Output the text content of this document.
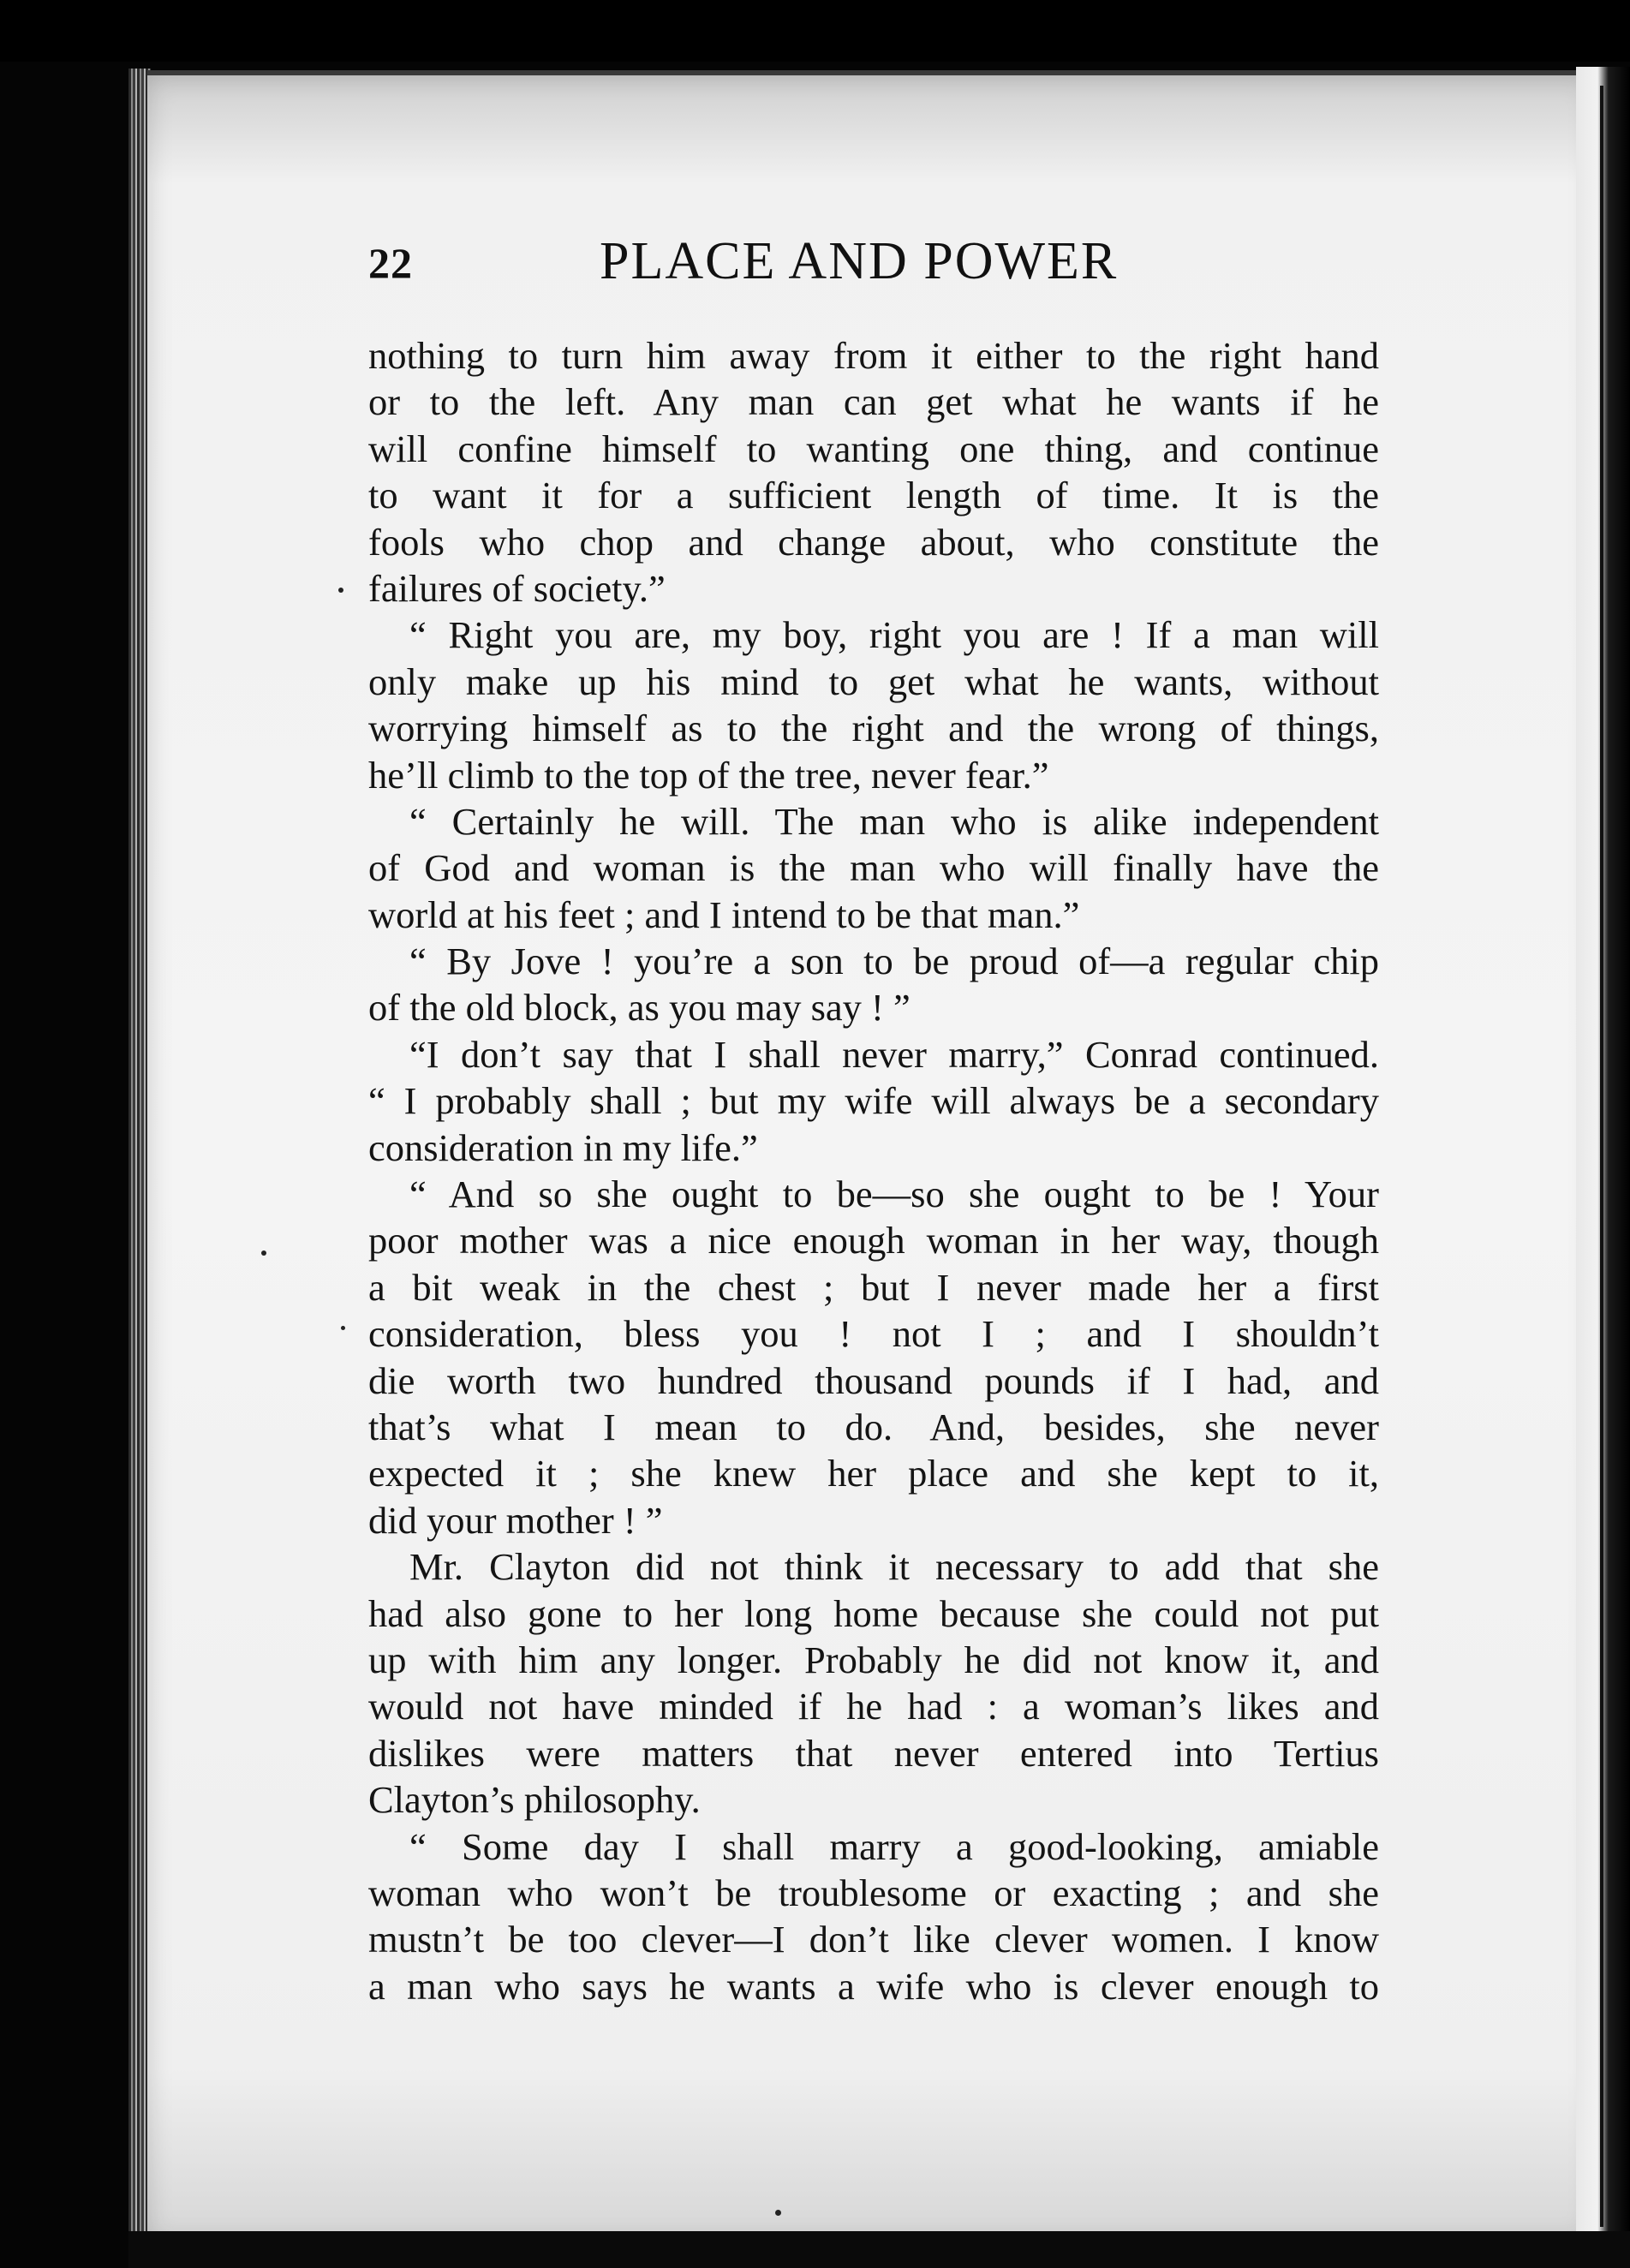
22	PLACE AND POWER
nothing to turn him away from it either to the right hand
or to the left. Any man can get what he wants if he
will confine himself to wanting one thing, and continue
to want it for a sufficient length of time. It is the
fools who chop and change about, who constitute the
failures of society.”
“ Right you are, my boy, right you are ! If a man will
only make up his mind to get what he wants, without
worrying himself as to the right and the wrong of things,
he’ll climb to the top of the tree, never fear.”
“ Certainly he will. The man who is alike independent
of God and woman is the man who will finally have the
world at his feet ; and I intend to be that man.”
“ By Jove ! you’re a son to be proud of—a regular chip
of the old block, as you may say ! ”
“I don’t say that I shall never marry,” Conrad continued.
“ I probably shall ; but my wife will always be a secondary
consideration in my life.”
“ And so she ought to be—so she ought to be ! Your
poor mother was a nice enough woman in her way, though
a bit weak in the chest ; but I never made her a first
consideration, bless you ! not I ; and I shouldn’t
die worth two hundred thousand pounds if I had, and
that’s what I mean to do. And, besides, she never
expected it ; she knew her place and she kept to it,
did your mother ! ”
Mr. Clayton did not think it necessary to add that she
had also gone to her long home because she could not put
up with him any longer. Probably he did not know it, and
would not have minded if he had : a woman’s likes and
dislikes were matters that never entered into Tertius
Clayton’s philosophy.
“ Some day I shall marry a good-looking, amiable
woman who won’t be troublesome or exacting ; and she
mustn’t be too clever—I don’t like clever women. I know
a man who says he wants a wife who is clever enough to
